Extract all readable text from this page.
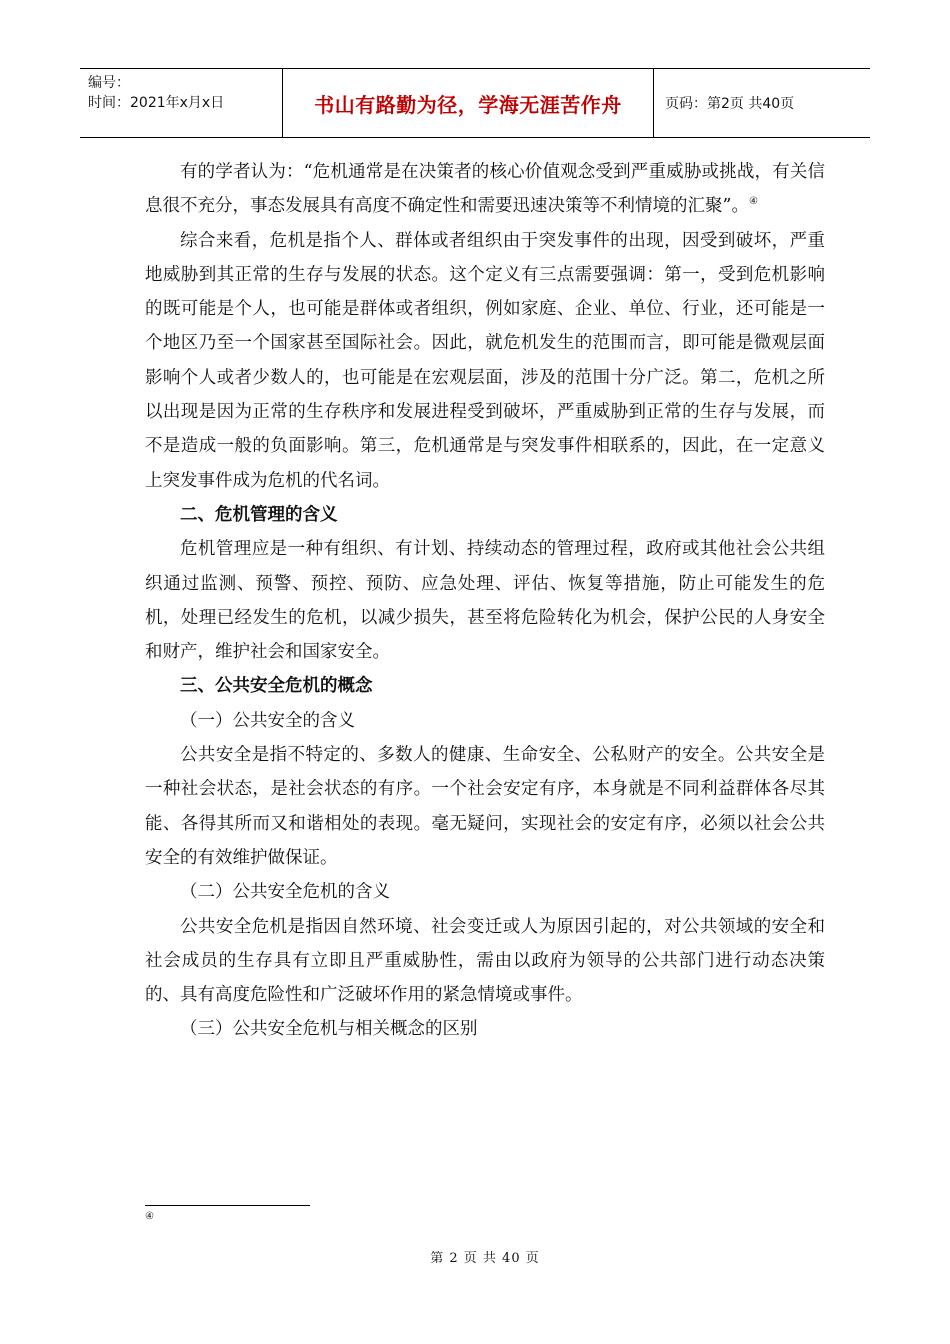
编号：
时间：2021年x月x日	书山有路勤为径，学海无涯苦作舟	页码：第2页 共40页

有的学者认为：“危机通常是在决策者的核心价值观念受到严重威胁或挑战，有关信息很不充分，事态发展具有高度不确定性和需要迅速决策等不利情境的汇聚”。④

综合来看，危机是指个人、群体或者组织由于突发事件的出现，因受到破坏，严重地威胁到其正常的生存与发展的状态。这个定义有三点需要强调：第一，受到危机影响的既可能是个人，也可能是群体或者组织，例如家庭、企业、单位、行业，还可能是一个地区乃至一个国家甚至国际社会。因此，就危机发生的范围而言，即可能是微观层面影响个人或者少数人的，也可能是在宏观层面，涉及的范围十分广泛。第二，危机之所以出现是因为正常的生存秩序和发展进程受到破坏，严重威胁到正常的生存与发展，而不是造成一般的负面影响。第三，危机通常是与突发事件相联系的，因此，在一定意义上突发事件成为危机的代名词。

二、危机管理的含义

危机管理应是一种有组织、有计划、持续动态的管理过程，政府或其他社会公共组织通过监测、预警、预控、预防、应急处理、评估、恢复等措施，防止可能发生的危机，处理已经发生的危机，以减少损失，甚至将危险转化为机会，保护公民的人身安全和财产，维护社会和国家安全。

三、公共安全危机的概念

（一）公共安全的含义

公共安全是指不特定的、多数人的健康、生命安全、公私财产的安全。公共安全是一种社会状态，是社会状态的有序。一个社会安定有序，本身就是不同利益群体各尽其能、各得其所而又和谐相处的表现。毫无疑问，实现社会的安定有序，必须以社会公共安全的有效维护做保证。

（二）公共安全危机的含义

公共安全危机是指因自然环境、社会变迁或人为原因引起的，对公共领域的安全和社会成员的生存具有立即且严重威胁性，需由以政府为领导的公共部门进行动态决策的、具有高度危险性和广泛破坏作用的紧急情境或事件。

（三）公共安全危机与相关概念的区别

④
第 2 页 共 40 页
